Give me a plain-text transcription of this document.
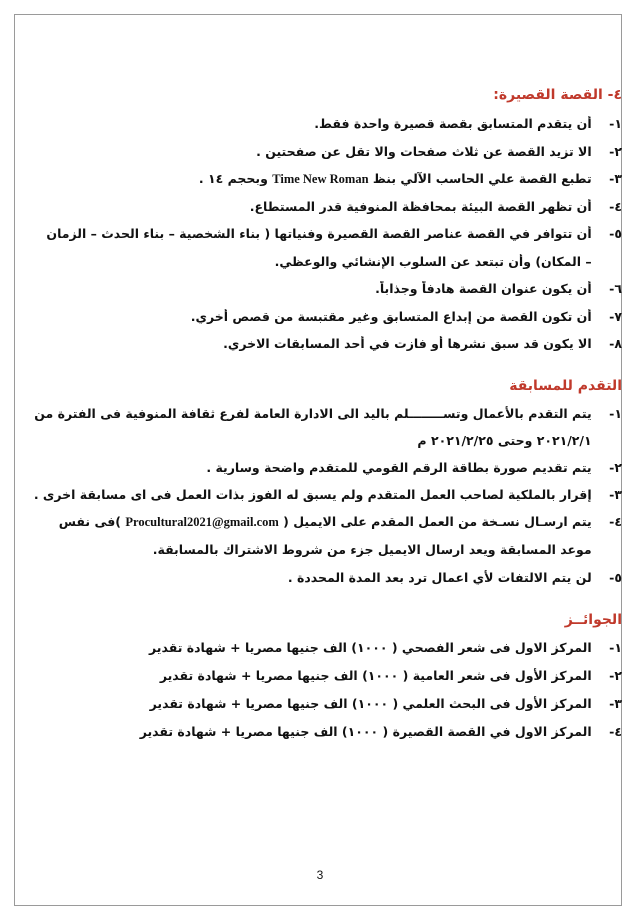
٤- القصة القصيرة:
١- أن يتقدم المتسابق بقصة قصيرة واحدة فقط.
٢- الا تزيد القصة عن ثلاث صفحات والا تقل عن صفحتين .
٣- تطبع القصة علي الحاسب الآلي بنظ Time New Roman وبحجم ١٤ .
٤- أن تظهر القصة البيئة بمحافظة المنوفية قدر المستطاع.
٥- أن تتوافر في القصة عناصر القصة القصيرة وفنياتها ( بناء الشخصية – بناء الحدث – الزمان
– المكان) وأن تبتعد عن السلوب الإنشائي والوعظي.
٦- أن يكون عنوان القصة هادفاً وجذاباً.
٧- أن تكون القصة من إبداع المتسابق وغير مقتبسة من قصص أخري.
٨- الا يكون قد سبق نشرها أو فازت في أحد المسابقات الاخري.
التقدم للمسابقة
١- يتم التقدم بالأعمال وتســــــــلم باليد الى الادارة العامة لفرع ثقافة المنوفية فى الفترة من
٢٠٢١/٢/١ وحتى ٢٠٢١/٢/٢٥ م
٢- يتم تقديم صورة بطاقة الرقم القومي للمتقدم واضحة وسارية .
٣- إقرار بالملكية لصاحب العمل المتقدم ولم يسبق له الفوز بذات العمل فى اى مسابقة اخرى .
٤- يتم ارسـال نسـخة من العمل المقدم على الايميل ( Procultural2021@gmail.com )فى نفس
موعد المسابقة ويعد ارسال الايميل جزء من شروط الاشتراك بالمسابقة.
٥- لن يتم الالتفات لأي اعمال ترد بعد المدة المحددة .
الجوائــز
١- المركز الاول فى شعر الفصحي ( ١٠٠٠) الف جنيها مصريا + شهادة تقدير
٢- المركز الأول فى شعر العامية ( ١٠٠٠) الف جنيها مصريا + شهادة تقدير
٣- المركز الأول فى البحث العلمي ( ١٠٠٠) الف جنيها مصريا + شهادة تقدير
٤- المركز الاول في القصة القصيرة ( ١٠٠٠) الف جنيها مصريا + شهادة تقدير
3
